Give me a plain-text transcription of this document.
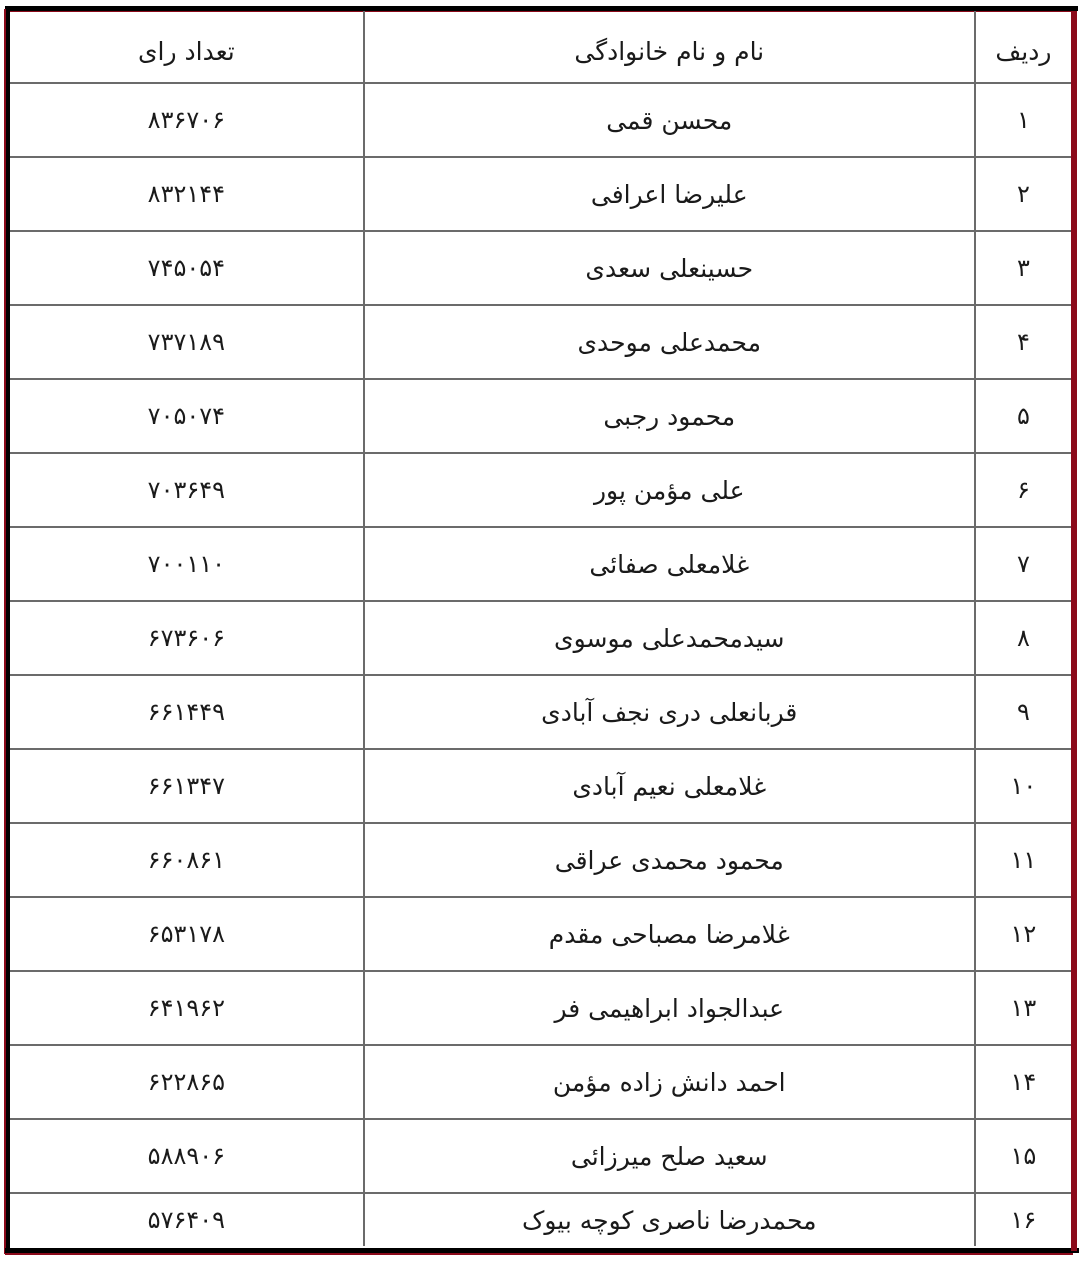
ردیف	نام و نام خانوادگی	تعداد رای
۱	محسن قمی	۸۳۶۷۰۶
۲	علیرضا اعرافی	۸۳۲۱۴۴
۳	حسینعلی سعدی	۷۴۵۰۵۴
۴	محمدعلی موحدی	۷۳۷۱۸۹
۵	محمود رجبی	۷۰۵۰۷۴
۶	علی مؤمن پور	۷۰۳۶۴۹
۷	غلامعلی صفائی	۷۰۰۱۱۰
۸	سیدمحمدعلی موسوی	۶۷۳۶۰۶
۹	قربانعلی دری نجف آبادی	۶۶۱۴۴۹
۱۰	غلامعلی نعیم آبادی	۶۶۱۳۴۷
۱۱	محمود محمدی عراقی	۶۶۰۸۶۱
۱۲	غلامرضا مصباحی مقدم	۶۵۳۱۷۸
۱۳	عبدالجواد ابراهیمی فر	۶۴۱۹۶۲
۱۴	احمد دانش زاده مؤمن	۶۲۲۸۶۵
۱۵	سعید صلح میرزائی	۵۸۸۹۰۶
۱۶	محمدرضا ناصری کوچه بیوک	۵۷۶۴۰۹
